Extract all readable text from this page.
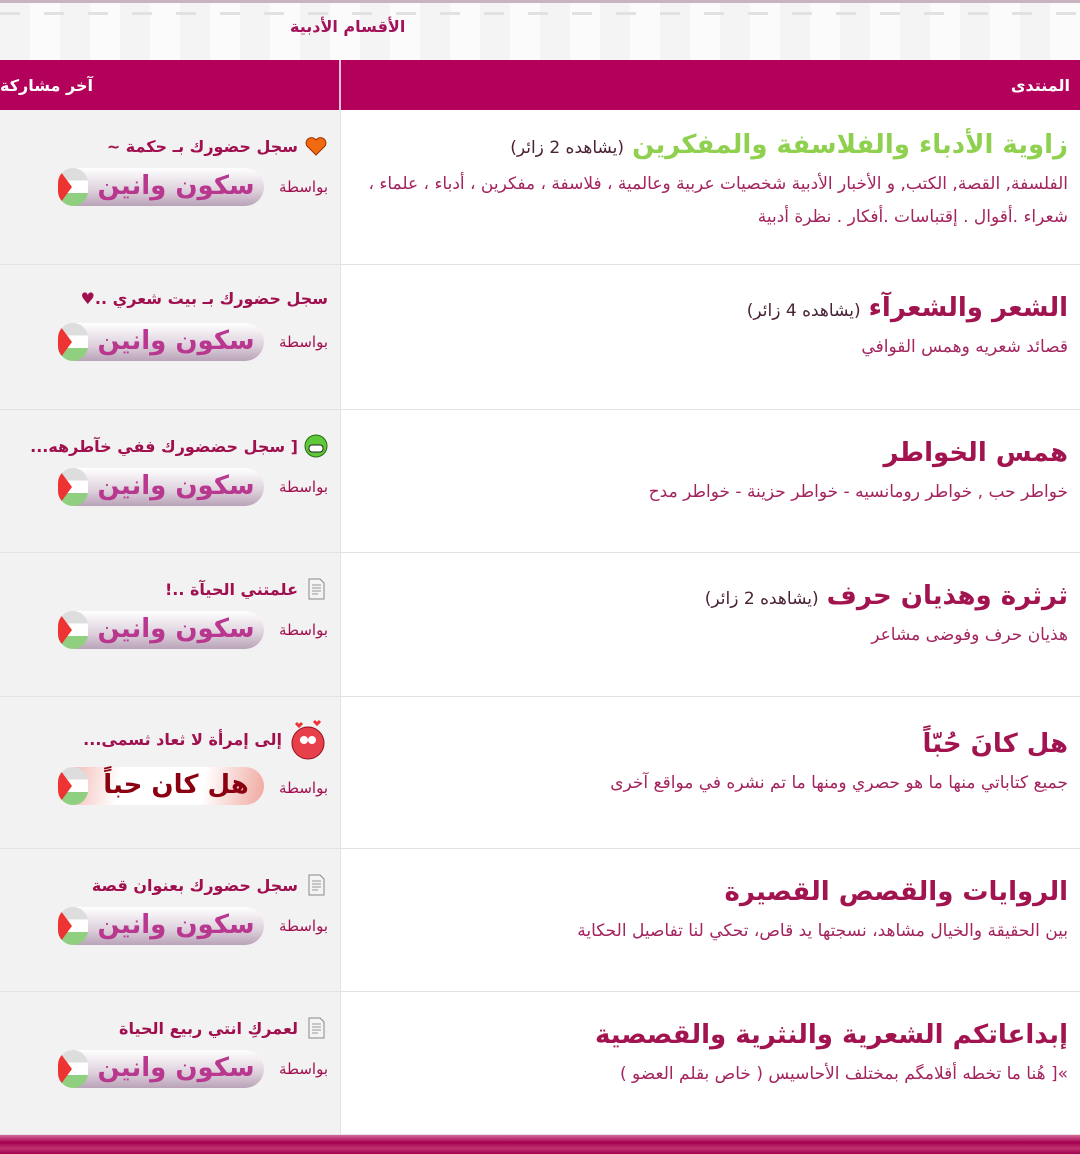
الأقسام الأدبية
آخر مشاركة	المنتدى
سجل حضورك بـ حكمة ~
بواسطة
سكون وانين
زاوية الأدباء والفلاسفة والمفكرين(يشاهده 2 زائر)
الفلسفة, القصة, الكتب, و الأخبار الأدبية شخصيات عربية وعالمية ، فلاسفة ، مفكرين ، أدباء ، علماء ، شعراء .أقوال . إقتباسات .أفكار . نظرة أدبية
سجل حضورك بـ بيت شعري ..♥
بواسطة
سكون وانين
الشعر والشعرآء(يشاهده 4 زائر)
قصائد شعريه وهمس القوافي
[ سجل حضضورك ففي خآطرهه...
بواسطة
سكون وانين
همس الخواطر
خواطر حب , خواطر رومانسيه - خواطر حزينة - خواطر مدح
علمتني الحيآة ..!
بواسطة
سكون وانين
ثرثرة وهذيان حرف(يشاهده 2 زائر)
هذيان حرف وفوضى مشاعر
إلى إمرأة لا ثعاد ثسمى...
بواسطة
هل كان حباً
هل كانَ حُبّاً
جميع كتاباتي منها ما هو حصري ومنها ما تم نشره في مواقع آخرى
سجل حضورك بعنوان قصة
بواسطة
سكون وانين
الروايات والقصص القصيرة
بين الحقيقة والخيال مشاهد، نسجتها يد قاص، تحكي لنا تفاصيل الحكاية
لعمركِ انتي ربيع الحياة
بواسطة
سكون وانين
إبداعاتكم الشعرية والنثرية والقصصية
»[ هُنا ما تخطه أقلامگم بمختلف الأحاسيس ( خاص بقلم العضو )
